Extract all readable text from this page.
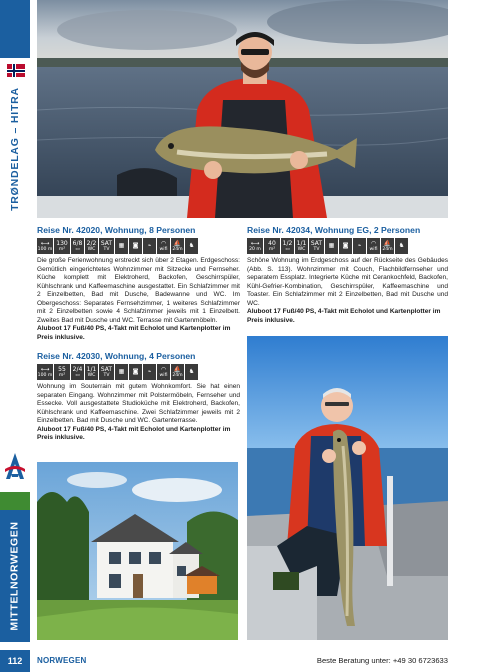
TRØNDELAG – HITRA
MITTELNORWEGEN
Reise Nr. 42020, Wohnung, 8 Personen
⟷
100 m
130
m²
6/8
▭
2/2
WC
SAT
TV ▦ ◙ ⌁ ◠
wifi
⛵
24m ♞

Die große Ferienwohnung erstreckt sich über 2 Etagen. Erdgeschoss: Gemütlich eingerichtetes Wohnzimmer mit Sitzecke und Fernseher. Küche komplett mit Elektroherd, Backofen, Geschirrspüler, Kühlschrank und Kaffeemaschine ausgestattet. Ein Schlafzimmer mit 2 Einzelbetten, Bad mit Dusche, Badewanne und WC. Im Obergeschoss: Separates Fernsehzimmer, 1 weiteres Schlafzimmer mit 2 Einzelbetten sowie 4 Schlafzimmer jeweils mit 1 Einzelbett. Zweites Bad mit Dusche und WC. Terrasse mit Gartenmöbeln.
Aluboot 17 Fuß/40 PS, 4-Takt mit Echolot und Kartenplotter im Preis inklusive.

Reise Nr. 42030, Wohnung, 4 Personen
⟷
100 m
55
m²
2/4
▭
1/1
WC
SAT
TV ▦ ◙ ⌁ ◠
wifi
⛵
24m ♞

Wohnung im Souterrain mit gutem Wohnkomfort. Sie hat einen separaten Eingang. Wohnzimmer mit Polstermöbeln, Fernseher und Essecke. Voll ausgestattete Studioküche mit Elektroherd, Backofen, Kühlschrank und Kaffeemaschine. Zwei Schlafzimmer jeweils mit 2 Einzelbetten. Bad mit Dusche und WC. Gartenterrasse.
Aluboot 17 Fuß/40 PS, 4-Takt mit Echolot und Kartenplotter im Preis inklusive.

Reise Nr. 42034, Wohnung EG, 2 Personen
⟷
20 m
40
m²
1/2
▭
1/1
WC
SAT
TV ▦ ◙ ⌁ ◠
wifi
⛵
24m ♞

Schöne Wohnung im Erdgeschoss auf der Rückseite des Gebäudes (Abb. S. 113). Wohnzimmer mit Couch, Flachbildfernseher und separatem Essplatz. Integrierte Küche mit Cerankochfeld, Backofen, Kühl-Gefrier-Kombination, Geschirrspüler, Kaffeemaschine und Toaster. Ein Schlafzimmer mit 2 Einzelbetten, Bad mit Dusche und WC.
Aluboot 17 Fuß/40 PS, 4-Takt mit Echolot und Kartenplotter im Preis inklusive.

112	NORWEGEN	Beste Beratung unter: +49 30 6723633
